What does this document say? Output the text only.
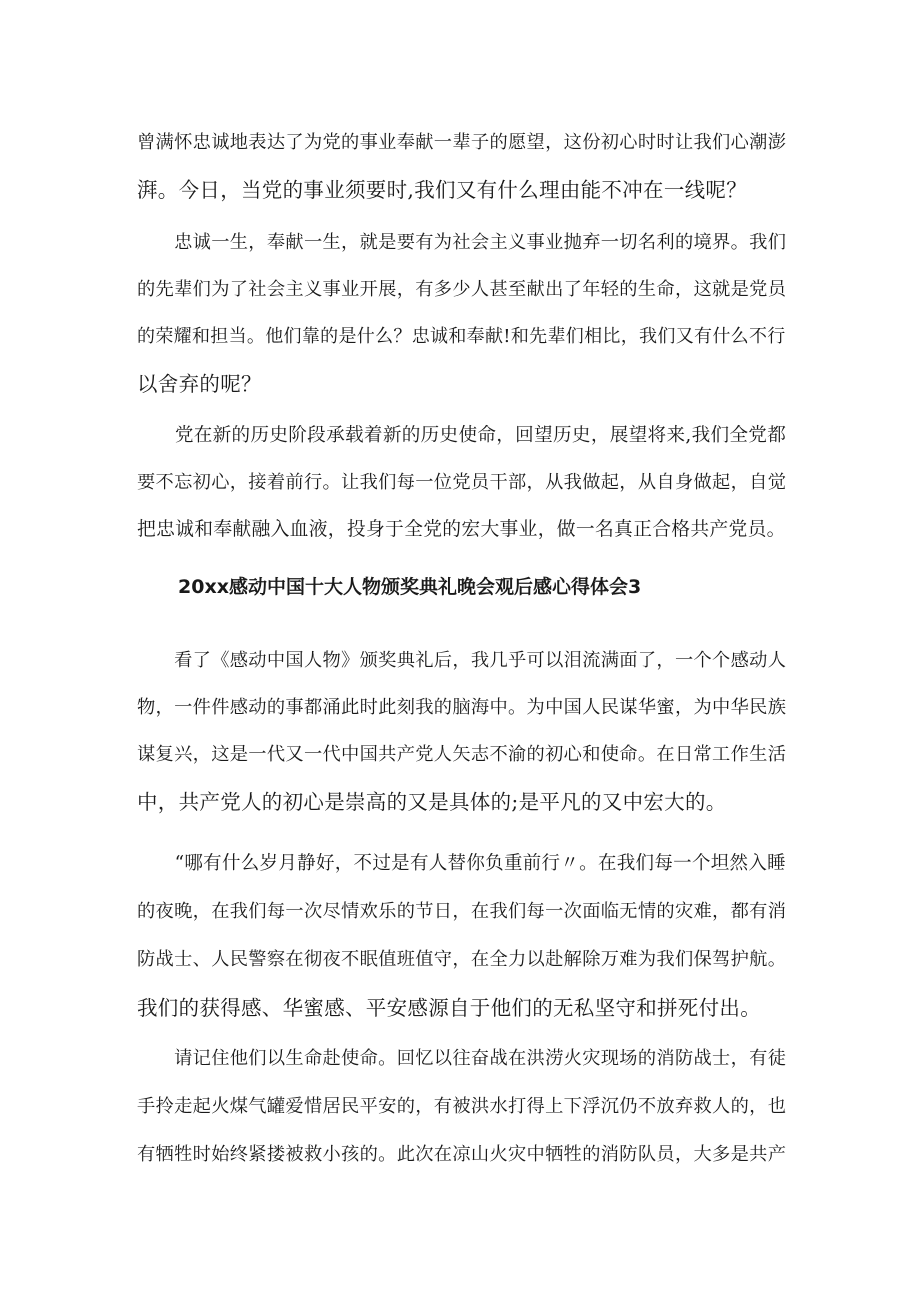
曾满怀忠诚地表达了为党的事业奉献一辈子的愿望，这份初心时时让我们心潮澎
湃。今日，当党的事业须要时,我们又有什么理由能不冲在一线呢？
　　忠诚一生，奉献一生，就是要有为社会主义事业抛弃一切名利的境界。我们
的先辈们为了社会主义事业开展，有多少人甚至献出了年轻的生命，这就是党员
的荣耀和担当。他们靠的是什么？忠诚和奉献!和先辈们相比，我们又有什么不行
以舍弃的呢？
　　党在新的历史阶段承载着新的历史使命，回望历史，展望将来,我们全党都
要不忘初心，接着前行。让我们每一位党员干部，从我做起，从自身做起，自觉
把忠诚和奉献融入血液，投身于全党的宏大事业，做一名真正合格共产党员。
20xx感动中国十大人物颁奖典礼晚会观后感心得体会3
　　看了《感动中国人物》颁奖典礼后，我几乎可以泪流满面了，一个个感动人
物，一件件感动的事都涌此时此刻我的脑海中。为中国人民谋华蜜，为中华民族
谋复兴，这是一代又一代中国共产党人矢志不渝的初心和使命。在日常工作生活
中，共产党人的初心是崇高的又是具体的;是平凡的又中宏大的。
　　“哪有什么岁月静好，不过是有人替你负重前行〃。在我们每一个坦然入睡
的夜晚，在我们每一次尽情欢乐的节日，在我们每一次面临无情的灾难，都有消
防战士、人民警察在彻夜不眠值班值守，在全力以赴解除万难为我们保驾护航。
我们的获得感、华蜜感、平安感源自于他们的无私坚守和拼死付出。
　　请记住他们以生命赴使命。回忆以往奋战在洪涝火灾现场的消防战士，有徒
手拎走起火煤气罐爱惜居民平安的，有被洪水打得上下浮沉仍不放弃救人的，也
有牺牲时始终紧搂被救小孩的。此次在凉山火灾中牺牲的消防队员，大多是共产
